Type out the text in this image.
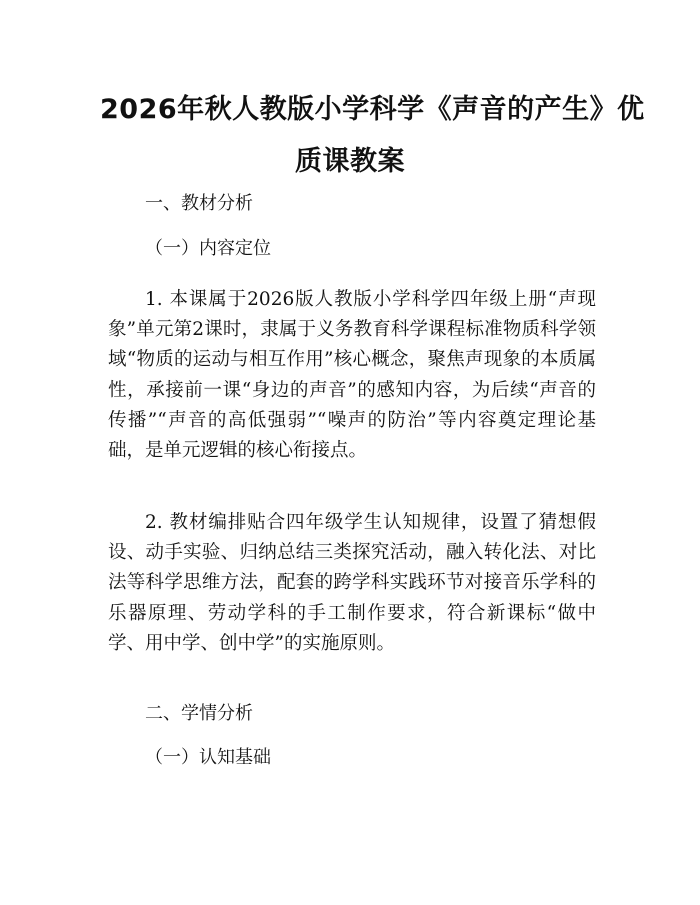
2026年秋人教版小学科学《声音的产生》优
质课教案
一、教材分析
（一）内容定位
1. 本课属于2026版人教版小学科学四年级上册“声现象”单元第2课时，隶属于义务教育科学课程标准物质科学领域“物质的运动与相互作用”核心概念，聚焦声现象的本质属性，承接前一课“身边的声音”的感知内容，为后续“声音的传播”“声音的高低强弱”“噪声的防治”等内容奠定理论基础，是单元逻辑的核心衔接点。
2. 教材编排贴合四年级学生认知规律，设置了猜想假设、动手实验、归纳总结三类探究活动，融入转化法、对比法等科学思维方法，配套的跨学科实践环节对接音乐学科的乐器原理、劳动学科的手工制作要求，符合新课标“做中学、用中学、创中学”的实施原则。
二、学情分析
（一）认知基础
